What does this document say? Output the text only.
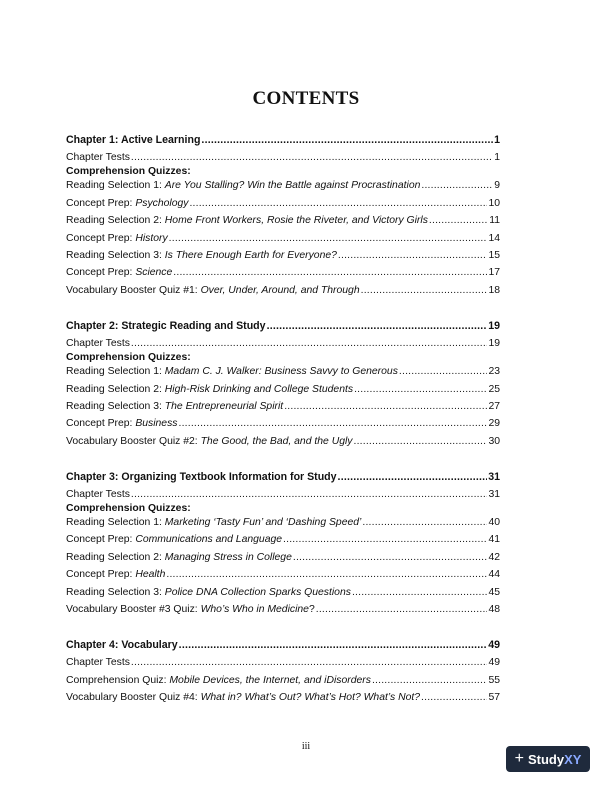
CONTENTS
Chapter 1: Active Learning .....	1
Chapter Tests .....	1
Comprehension Quizzes:
Reading Selection 1: Are You Stalling? Win the Battle against Procrastination .....	9
Concept Prep: Psychology .....	10
Reading Selection 2: Home Front Workers, Rosie the Riveter, and Victory Girls .....	11
Concept Prep: History .....	14
Reading Selection 3: Is There Enough Earth for Everyone? .....	15
Concept Prep: Science .....	17
Vocabulary Booster Quiz #1: Over, Under, Around, and Through .....	18
Chapter 2: Strategic Reading and Study .....	19
Chapter Tests .....	19
Comprehension Quizzes:
Reading Selection 1: Madam C. J. Walker: Business Savvy to Generous .....	23
Reading Selection 2: High-Risk Drinking and College Students .....	25
Reading Selection 3: The Entrepreneurial Spirit .....	27
Concept Prep: Business .....	29
Vocabulary Booster Quiz #2: The Good, the Bad, and the Ugly .....	30
Chapter 3: Organizing Textbook Information for Study .....	31
Chapter Tests .....	31
Comprehension Quizzes:
Reading Selection 1: Marketing ‘Tasty Fun’ and ‘Dashing Speed’ .....	40
Concept Prep: Communications and Language .....	41
Reading Selection 2: Managing Stress in College .....	42
Concept Prep: Health .....	44
Reading Selection 3: Police DNA Collection Sparks Questions .....	45
Vocabulary Booster #3 Quiz: Who’s Who in Medicine? .....	48
Chapter 4: Vocabulary .....	49
Chapter Tests .....	49
Comprehension Quiz: Mobile Devices, the Internet, and iDisorders .....	55
Vocabulary Booster Quiz #4: What in? What’s Out? What’s Hot? What’s Not? .....	57
iii
+ StudyXY
